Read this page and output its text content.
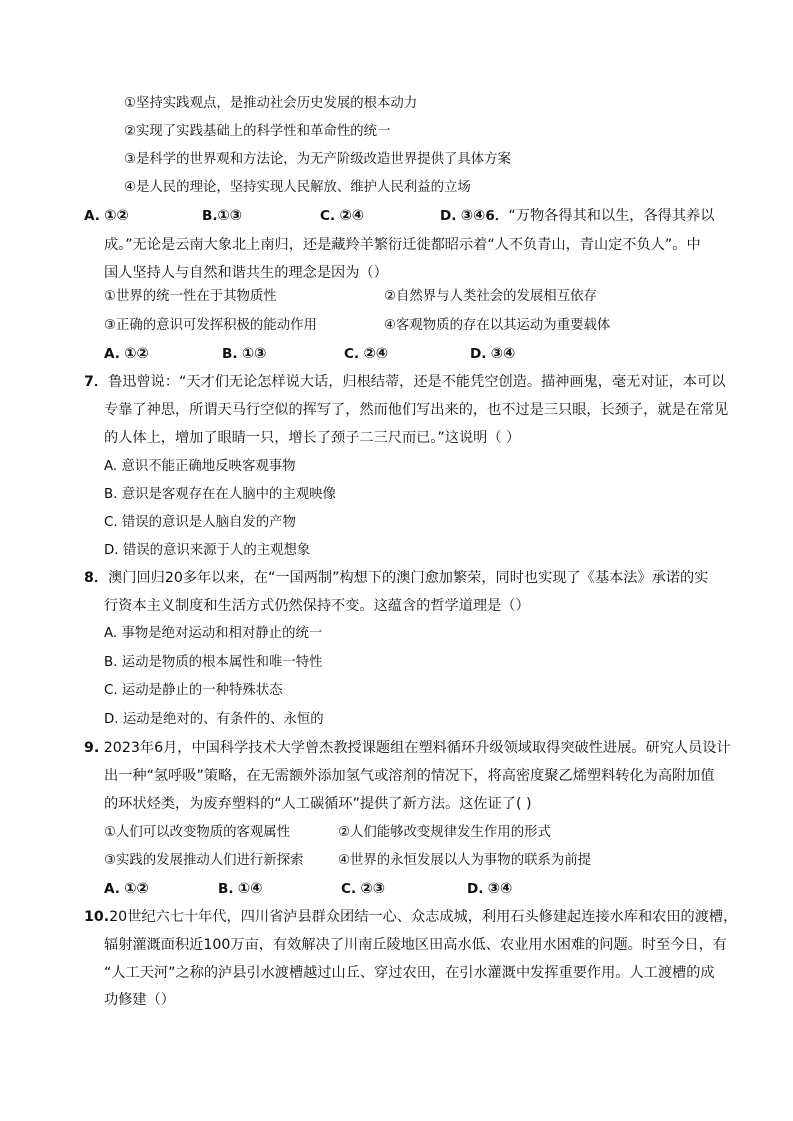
①坚持实践观点，是推动社会历史发展的根本动力
②实现了实践基础上的科学性和革命性的统一
③是科学的世界观和方法论，为无产阶级改造世界提供了具体方案
④是人民的理论，坚持实现人民解放、维护人民利益的立场
A. ①②	B.①③	C. ②④	D. ③④6．“万物各得其和以生，各得其养以
成。”无论是云南大象北上南归，还是藏羚羊繁衍迁徙都昭示着“人不负青山，青山定不负人”。中
国人坚持人与自然和谐共生的理念是因为（）
①世界的统一性在于其物质性	②自然界与人类社会的发展相互依存
③正确的意识可发挥积极的能动作用	④客观物质的存在以其运动为重要载体
A. ①②	B. ①③	C. ②④	D. ③④
7．鲁迅曾说：“天才们无论怎样说大话，归根结蒂，还是不能凭空创造。描神画鬼，毫无对证，本可以
专靠了神思，所谓天马行空似的挥写了，然而他们写出来的，也不过是三只眼，长颈子，就是在常见
的人体上，增加了眼睛一只，增长了颈子二三尺而已。”这说明（ ）
A. 意识不能正确地反映客观事物
B. 意识是客观存在在人脑中的主观映像
C. 错误的意识是人脑自发的产物
D. 错误的意识来源于人的主观想象
8．澳门回归20多年以来，在“一国两制”构想下的澳门愈加繁荣，同时也实现了《基本法》承诺的实
行资本主义制度和生活方式仍然保持不变。这蕴含的哲学道理是（）
A. 事物是绝对运动和相对静止的统一
B. 运动是物质的根本属性和唯一特性
C. 运动是静止的一种特殊状态
D. 运动是绝对的、有条件的、永恒的
9. 2023年6月，中国科学技术大学曾杰教授课题组在塑料循环升级领域取得突破性进展。研究人员设计
出一种“氢呼吸”策略，在无需额外添加氢气或溶剂的情况下，将高密度聚乙烯塑料转化为高附加值
的环状烃类，为废弃塑料的“人工碳循环”提供了新方法。这佐证了( )
①人们可以改变物质的客观属性	②人们能够改变规律发生作用的形式
③实践的发展推动人们进行新探索	④世界的永恒发展以人为事物的联系为前提
A. ①②	B. ①④	C. ②③	D. ③④
10.20世纪六七十年代，四川省泸县群众团结一心、众志成城，利用石头修建起连接水库和农田的渡槽，
辐射灌溉面积近100万亩，有效解决了川南丘陵地区田高水低、农业用水困难的问题。时至今日，有
“人工天河”之称的泸县引水渡槽越过山丘、穿过农田，在引水灌溉中发挥重要作用。人工渡槽的成
功修建（）
